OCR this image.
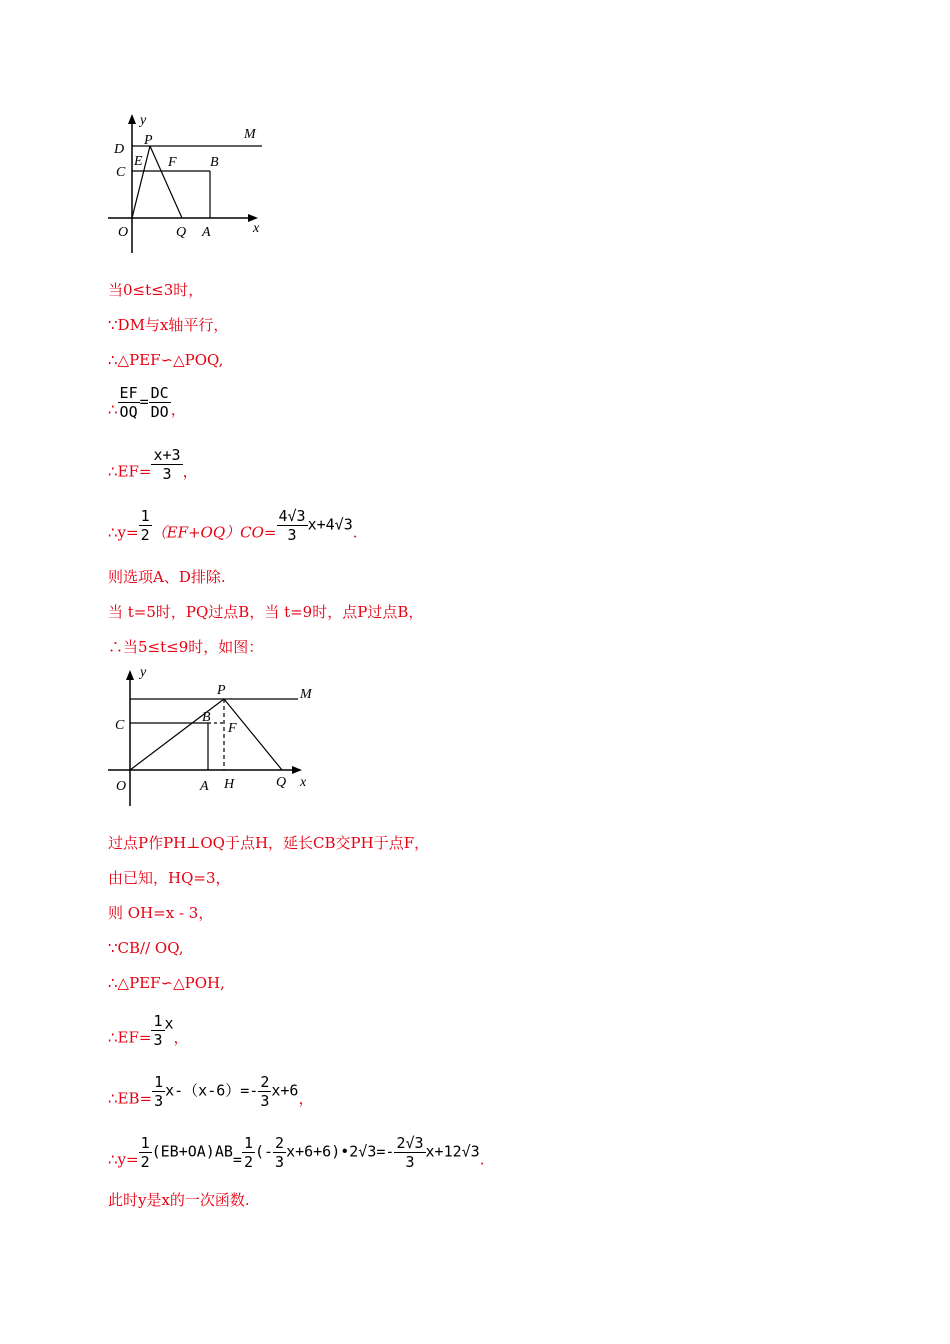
y
x
O
D
P	M
E F B
C
Q A
当0≤t≤3时，
∵DM与x轴平行，
∴△PEF∽△POQ,
∴ $\frac{EF}{OQ} = \frac{DC}{DO}$ ，
∴EF= $\frac{x+3}{3}$ ，
∴y= $\frac{1}{2} (EF+OQ)CO= \frac{4√3}{3} x+4√3$.
则选项A、D排除.
当 t=5时，PQ过点B，当 t=9时，点P过点B，
∴当5≤t≤9时，如图：
y
x
O
P	M
C
B
F
A H	Q
过点P作PH⊥OQ于点H，延长CB交PH于点F，
由已知，HQ=3，
则 OH=x - 3，
∵CB// OQ,
∴△PEF∽△POH,
∴EF= $\frac{1}{3}$ x，
∴EB= $\frac{1}{3} x-(x-6)=- \frac{2}{3} x+6$，
∴y= $\frac{1}{2} (EB+OA)AB= \frac{1}{2}$ (- $\frac{2}{3}$ x+6+6)•2√3=- $\frac{2√3}{3} x+12√3$.
此时y是x的一次函数.
